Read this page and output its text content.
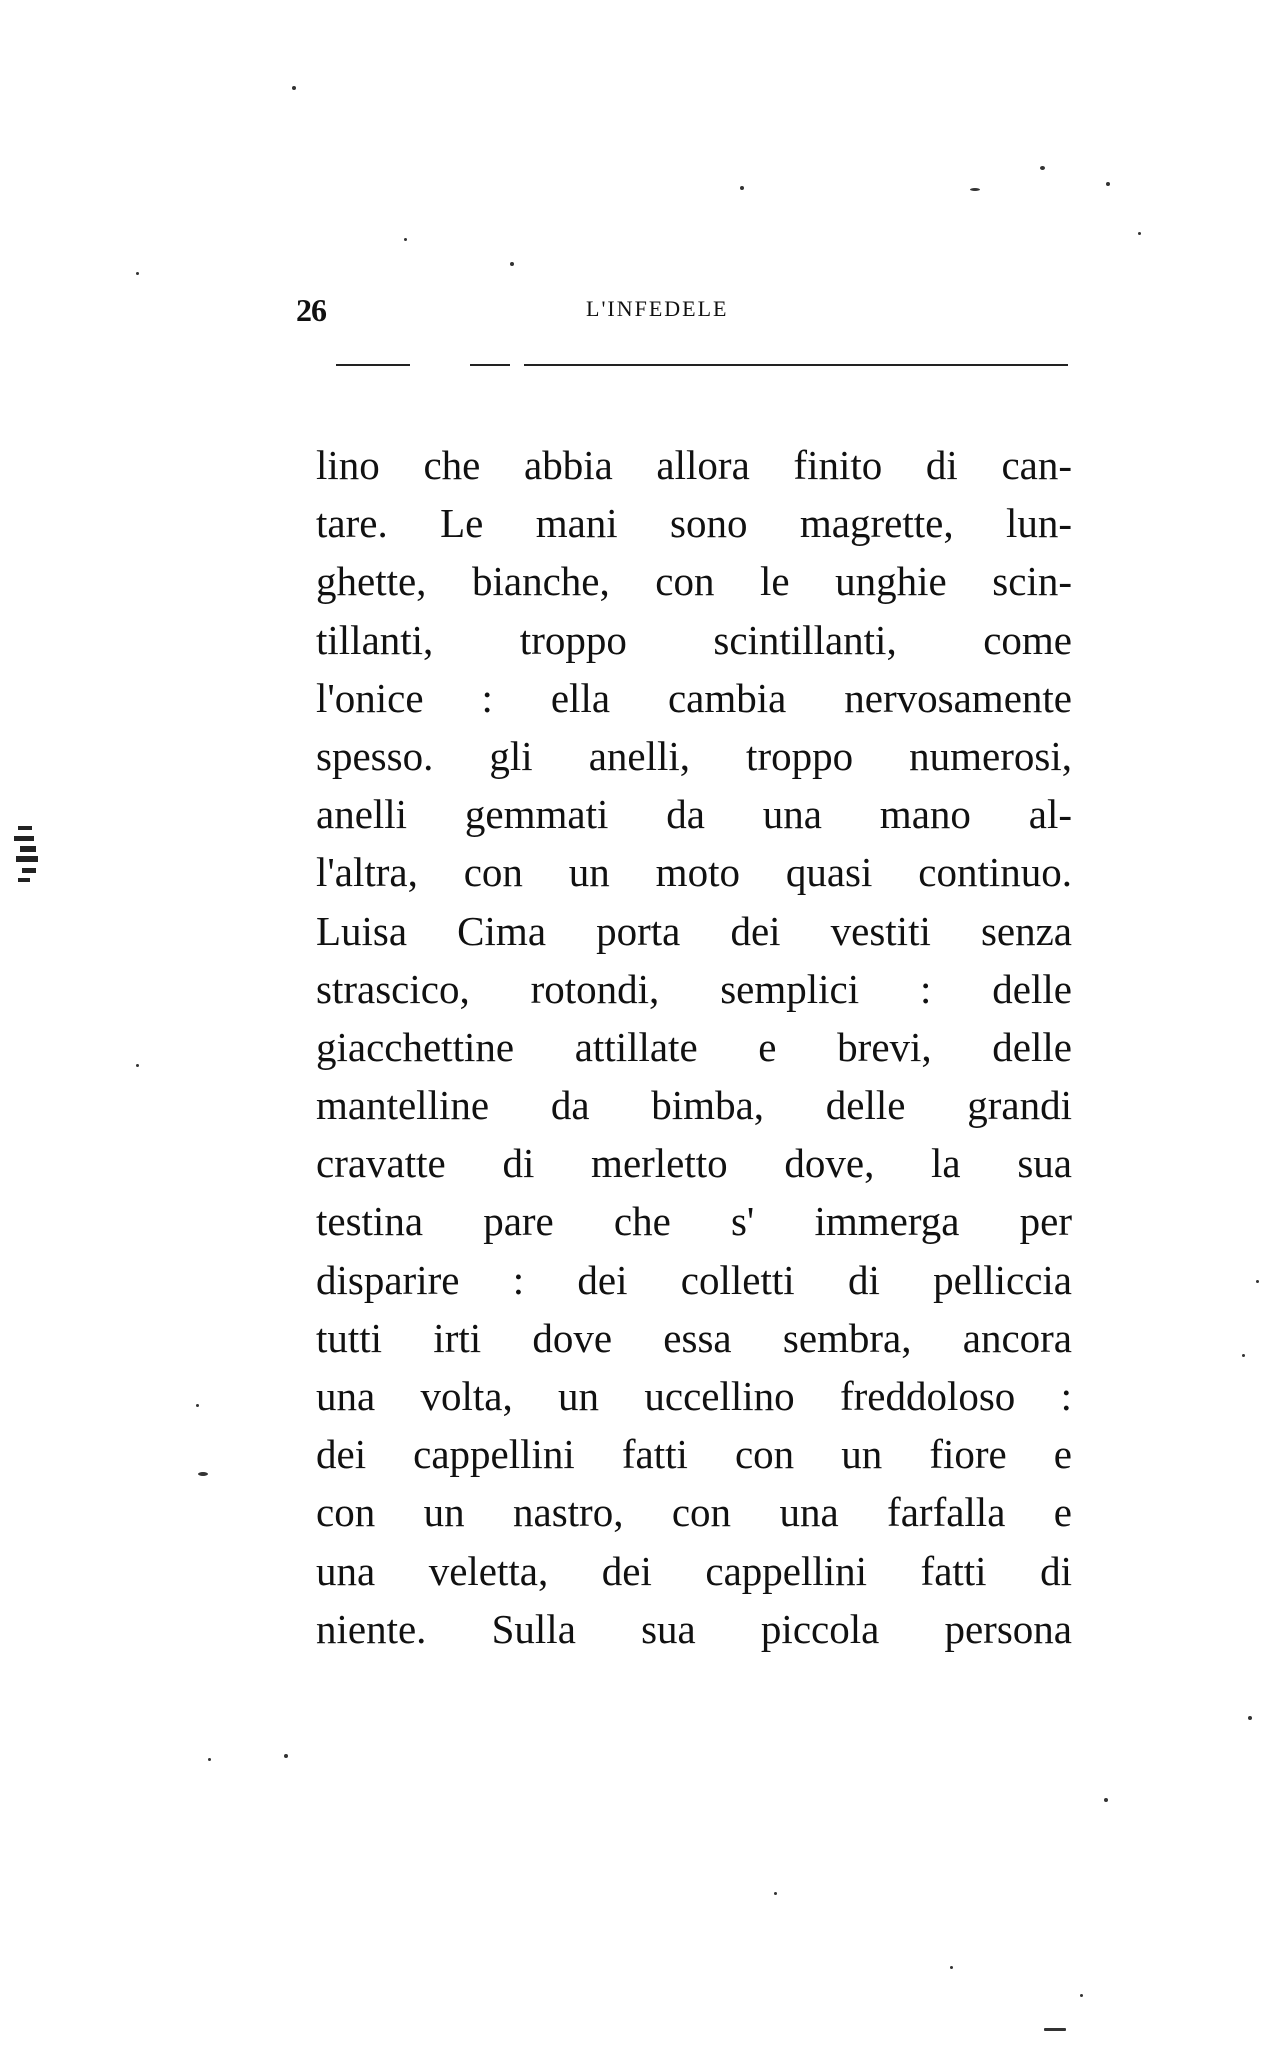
26	L'INFEDELE
lino che abbia allora finito di can-
tare. Le mani sono magrette, lun-
ghette, bianche, con le unghie scin-
tillanti, troppo scintillanti, come
l'onice : ella cambia nervosamente
spesso. gli anelli, troppo numerosi,
anelli gemmati da una mano al-
l'altra, con un moto quasi continuo.
Luisa Cima porta dei vestiti senza
strascico, rotondi, semplici : delle
giacchettine attillate e brevi, delle
mantelline da bimba, delle grandi
cravatte di merletto dove, la sua
testina pare che s' immerga per
disparire : dei colletti di pelliccia
tutti irti dove essa sembra, ancora
una volta, un uccellino freddoloso :
dei cappellini fatti con un fiore e
con un nastro, con una farfalla e
una veletta, dei cappellini fatti di
niente. Sulla sua piccola persona
